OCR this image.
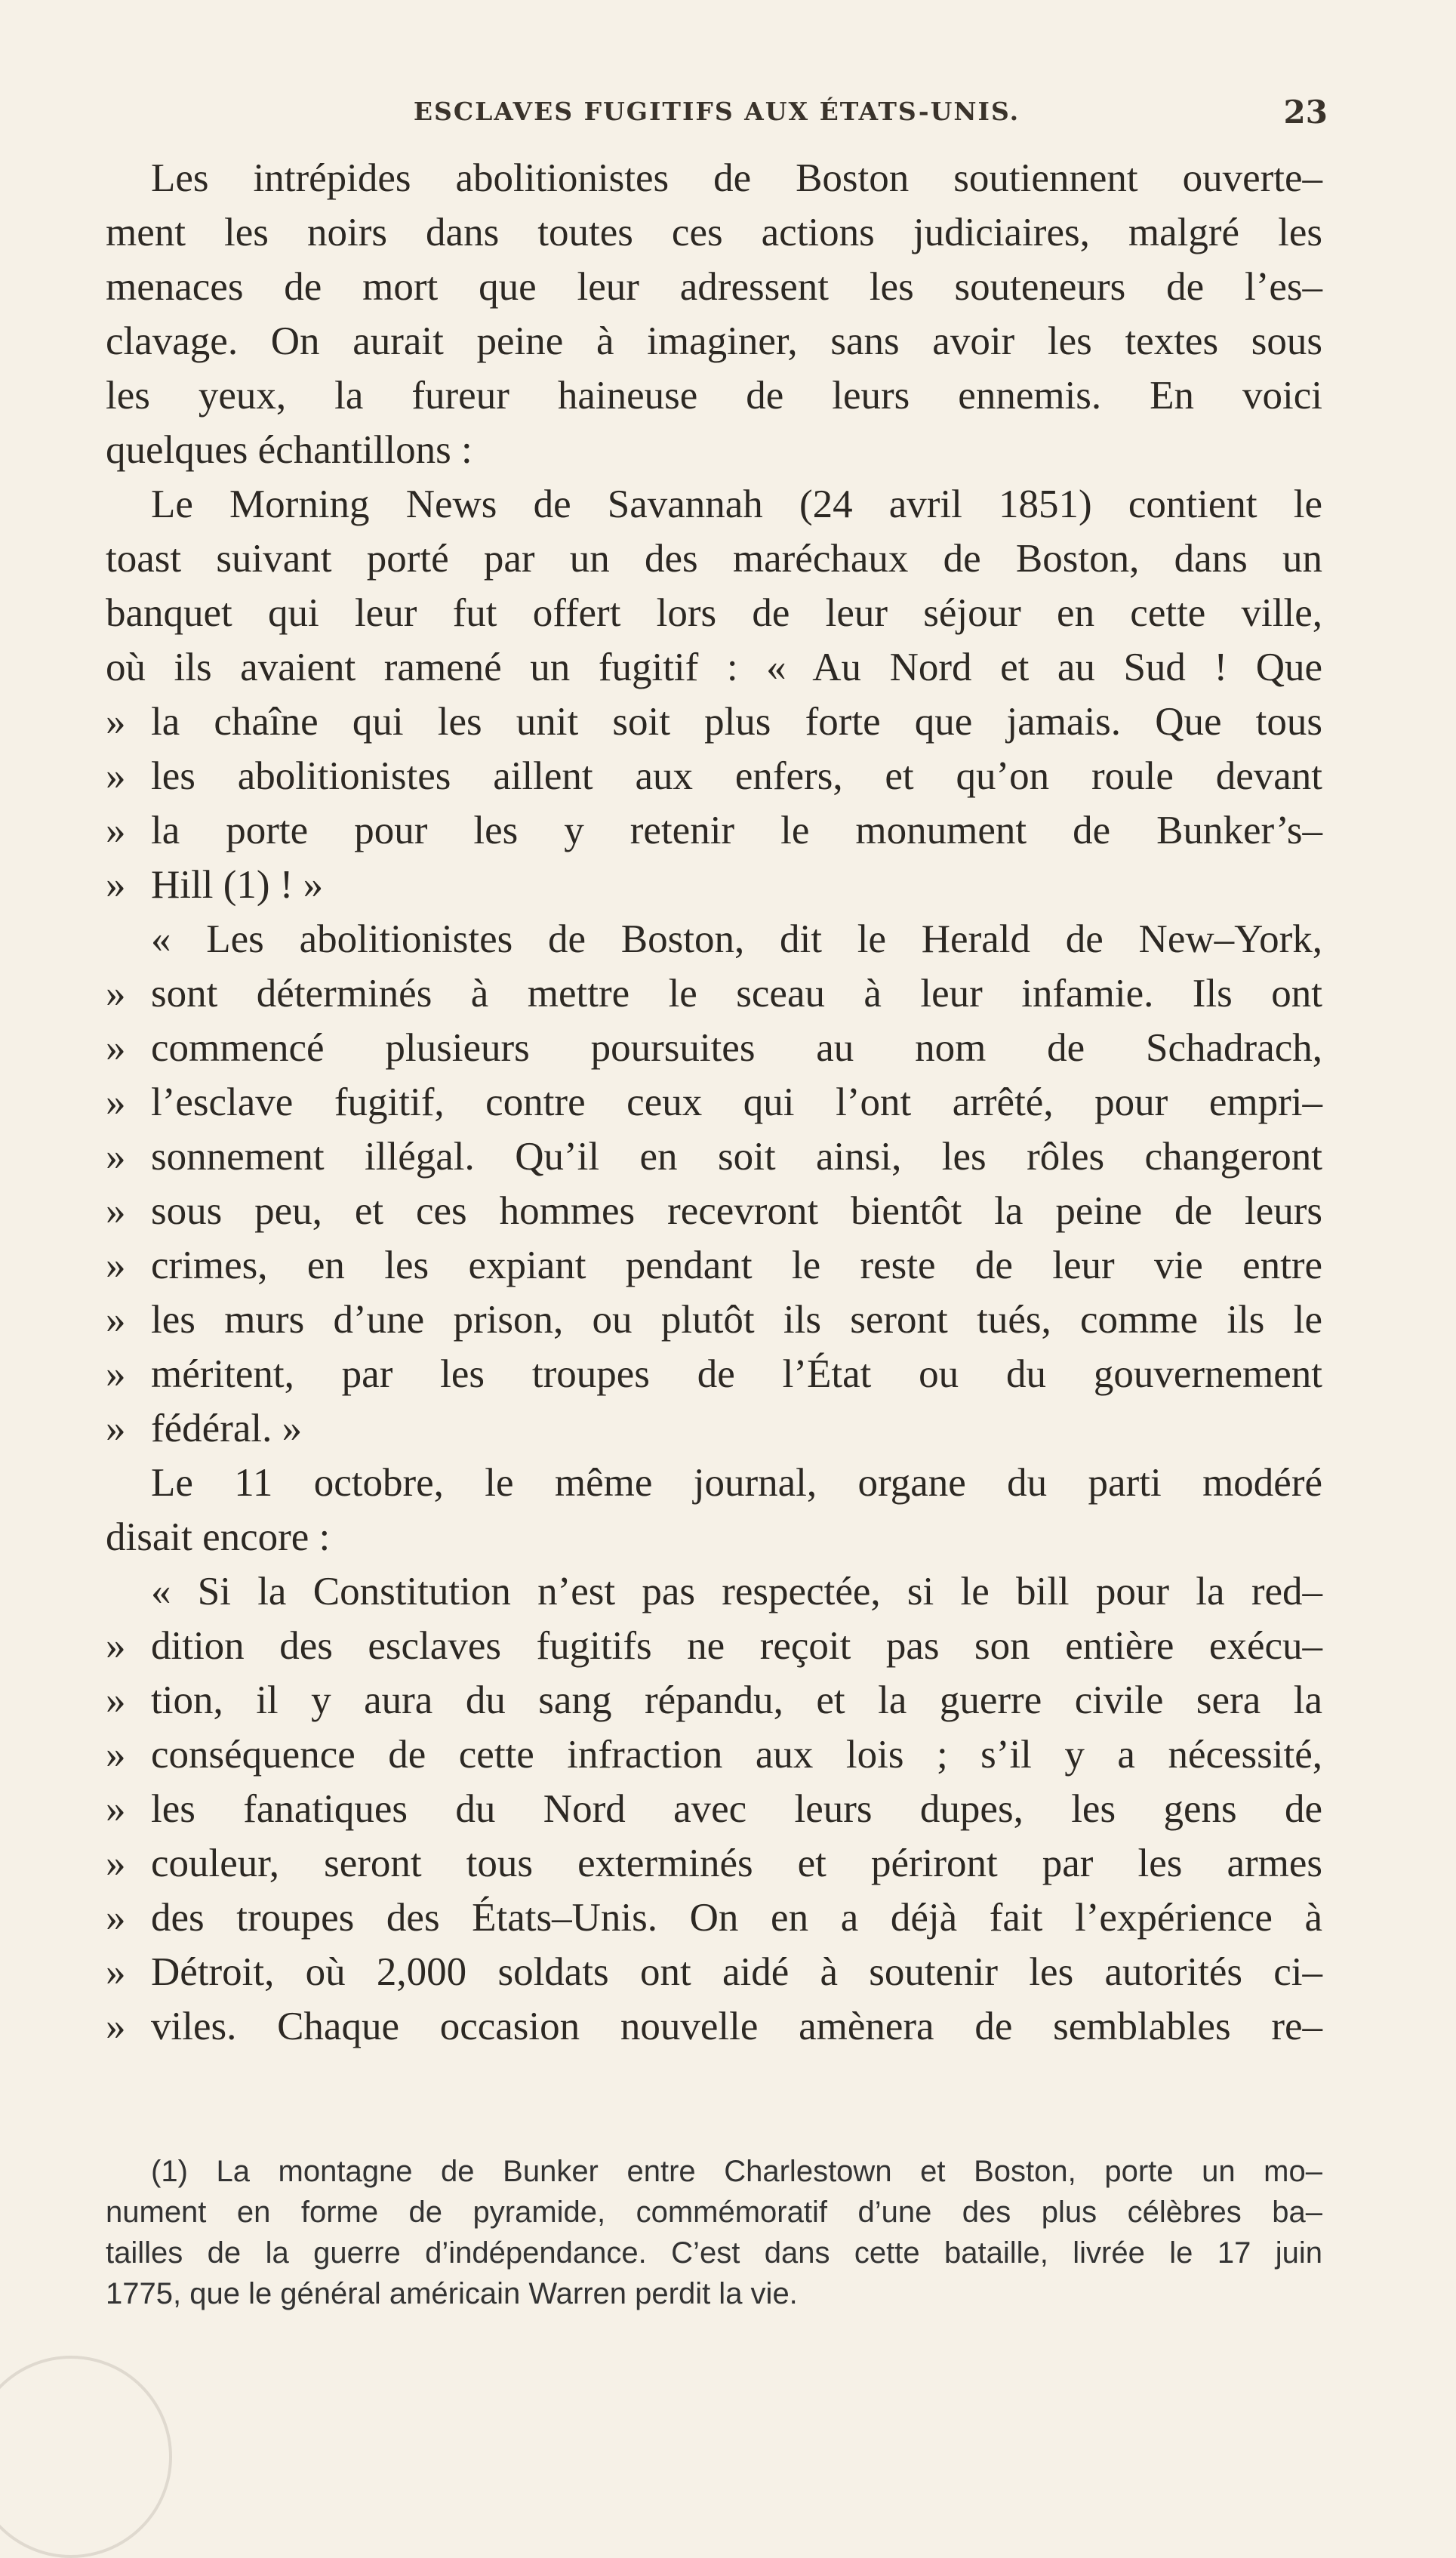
ESCLAVES FUGITIFS AUX ÉTATS-UNIS.	23
Les intrépides abolitionistes de Boston soutiennent ouverte–
ment les noirs dans toutes ces actions judiciaires, malgré les
menaces de mort que leur adressent les souteneurs de l’es–
clavage. On aurait peine à imaginer, sans avoir les textes sous
les yeux, la fureur haineuse de leurs ennemis. En voici
quelques échantillons :
Le Morning News de Savannah (24 avril 1851) contient le
toast suivant porté par un des maréchaux de Boston, dans un
banquet qui leur fut offert lors de leur séjour en cette ville,
où ils avaient ramené un fugitif : « Au Nord et au Sud ! Que
» la chaîne qui les unit soit plus forte que jamais. Que tous
» les abolitionistes aillent aux enfers, et qu’on roule devant
» la porte pour les y retenir le monument de Bunker’s–
» Hill (1) ! »
« Les abolitionistes de Boston, dit le Herald de New–York,
» sont déterminés à mettre le sceau à leur infamie. Ils ont
» commencé plusieurs poursuites au nom de Schadrach,
» l’esclave fugitif, contre ceux qui l’ont arrêté, pour empri–
» sonnement illégal. Qu’il en soit ainsi, les rôles changeront
» sous peu, et ces hommes recevront bientôt la peine de leurs
» crimes, en les expiant pendant le reste de leur vie entre
» les murs d’une prison, ou plutôt ils seront tués, comme ils le
» méritent, par les troupes de l’État ou du gouvernement
» fédéral. »
Le 11 octobre, le même journal, organe du parti modéré
disait encore :
« Si la Constitution n’est pas respectée, si le bill pour la red–
» dition des esclaves fugitifs ne reçoit pas son entière exécu–
» tion, il y aura du sang répandu, et la guerre civile sera la
» conséquence de cette infraction aux lois ; s’il y a nécessité,
» les fanatiques du Nord avec leurs dupes, les gens de
» couleur, seront tous exterminés et périront par les armes
» des troupes des États–Unis. On en a déjà fait l’expérience à
» Détroit, où 2,000 soldats ont aidé à soutenir les autorités ci–
» viles. Chaque occasion nouvelle amènera de semblables re–
(1) La montagne de Bunker entre Charlestown et Boston, porte un mo–
nument en forme de pyramide, commémoratif d’une des plus célèbres ba–
tailles de la guerre d’indépendance. C’est dans cette bataille, livrée le 17 juin
1775, que le général américain Warren perdit la vie.
